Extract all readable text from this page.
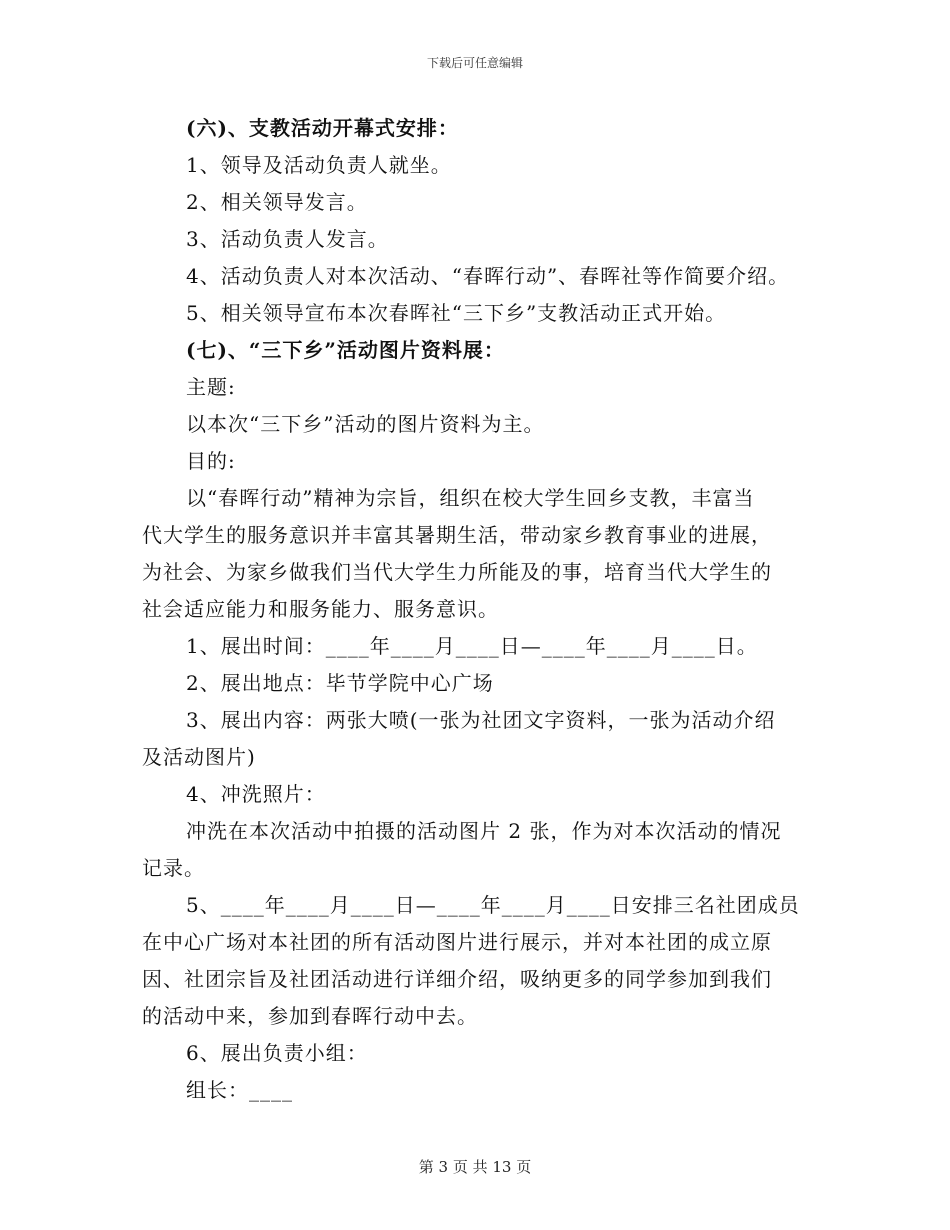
下载后可任意编辑
(六)、支教活动开幕式安排：
1、领导及活动负责人就坐。
2、相关领导发言。
3、活动负责人发言。
4、活动负责人对本次活动、“春晖行动”、春晖社等作简要介绍。
5、相关领导宣布本次春晖社“三下乡”支教活动正式开始。
(七)、“三下乡”活动图片资料展：
主题:
以本次“三下乡”活动的图片资料为主。
目的:
以“春晖行动”精神为宗旨，组织在校大学生回乡支教，丰富当
代大学生的服务意识并丰富其暑期生活，带动家乡教育事业的进展，
为社会、为家乡做我们当代大学生力所能及的事，培育当代大学生的
社会适应能力和服务能力、服务意识。
1、展出时间：____年____月____日—____年____月____日。
2、展出地点：毕节学院中心广场
3、展出内容：两张大喷(一张为社团文字资料，一张为活动介绍
及活动图片)
4、冲洗照片：
冲洗在本次活动中拍摄的活动图片 2 张，作为对本次活动的情况
记录。
5、____年____月____日—____年____月____日安排三名社团成员
在中心广场对本社团的所有活动图片进行展示，并对本社团的成立原
因、社团宗旨及社团活动进行详细介绍，吸纳更多的同学参加到我们
的活动中来，参加到春晖行动中去。
6、展出负责小组：
组长：____
第 3 页 共 13 页
